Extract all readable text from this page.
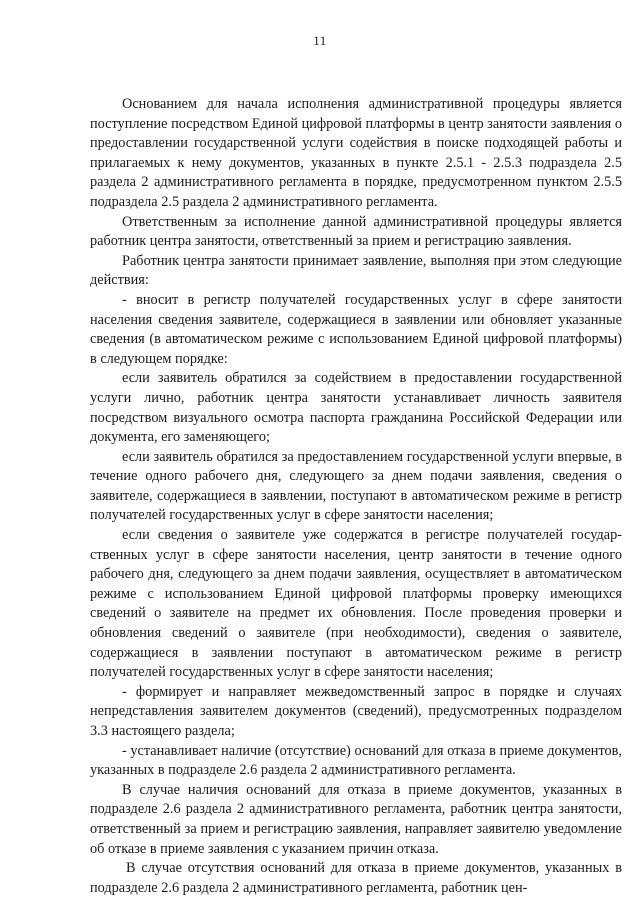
11

Основанием для начала исполнения административной процедуры является поступление посредством Единой цифровой платформы в центр занятости заявления о предоставлении государственной услуги содействия в поиске подходящей работы и прилагаемых к нему документов, указанных в пункте 2.5.1 - 2.5.3 подраздела 2.5 раздела 2 административного регламента в порядке, предусмотренном пунктом 2.5.5 подраздела 2.5 раздела 2 административного регламента.

Ответственным за исполнение данной административной процедуры является работник центра занятости, ответственный за прием и регистрацию заявления.

Работник центра занятости принимает заявление, выполняя при этом следующие действия:

- вносит в регистр получателей государственных услуг в сфере занятости населения сведения заявителе, содержащиеся в заявлении или обновляет указанные сведения (в автоматическом режиме с использованием Единой цифровой платформы) в следующем порядке:

если заявитель обратился за содействием в предоставлении государственной услуги лично, работник центра занятости устанавливает личность заявителя посредством визуального осмотра паспорта гражданина Российской Федерации или документа, его заменяющего;

если заявитель обратился за предоставлением государственной услуги впервые, в течение одного рабочего дня, следующего за днем подачи заявления, сведения о заявителе, содержащиеся в заявлении, поступают в автоматическом режиме в регистр получателей государственных услуг в сфере занятости населения;

если сведения о заявителе уже содержатся в регистре получателей государственных услуг в сфере занятости населения, центр занятости в течение одного рабочего дня, следующего за днем подачи заявления, осуществляет в автоматическом режиме с использованием Единой цифровой платформы проверку имеющихся сведений о заявителе на предмет их обновления. После проведения проверки и обновления сведений о заявителе (при необходимости), сведения о заявителе, содержащиеся в заявлении поступают в автоматическом режиме в регистр получателей государственных услуг в сфере занятости населения;

- формирует и направляет межведомственный запрос в порядке и случаях непредставления заявителем документов (сведений), предусмотренных подразделом 3.3 настоящего раздела;

- устанавливает наличие (отсутствие) оснований для отказа в приеме документов, указанных в подразделе 2.6 раздела 2 административного регламента.

В случае наличия оснований для отказа в приеме документов, указанных в подразделе 2.6 раздела 2 административного регламента, работник центра занятости, ответственный за прием и регистрацию заявления, направляет заявителю уведомление об отказе в приеме заявления с указанием причин отказа.

В случае отсутствия оснований для отказа в приеме документов, указанных в подразделе 2.6 раздела 2 административного регламента, работник цен-
